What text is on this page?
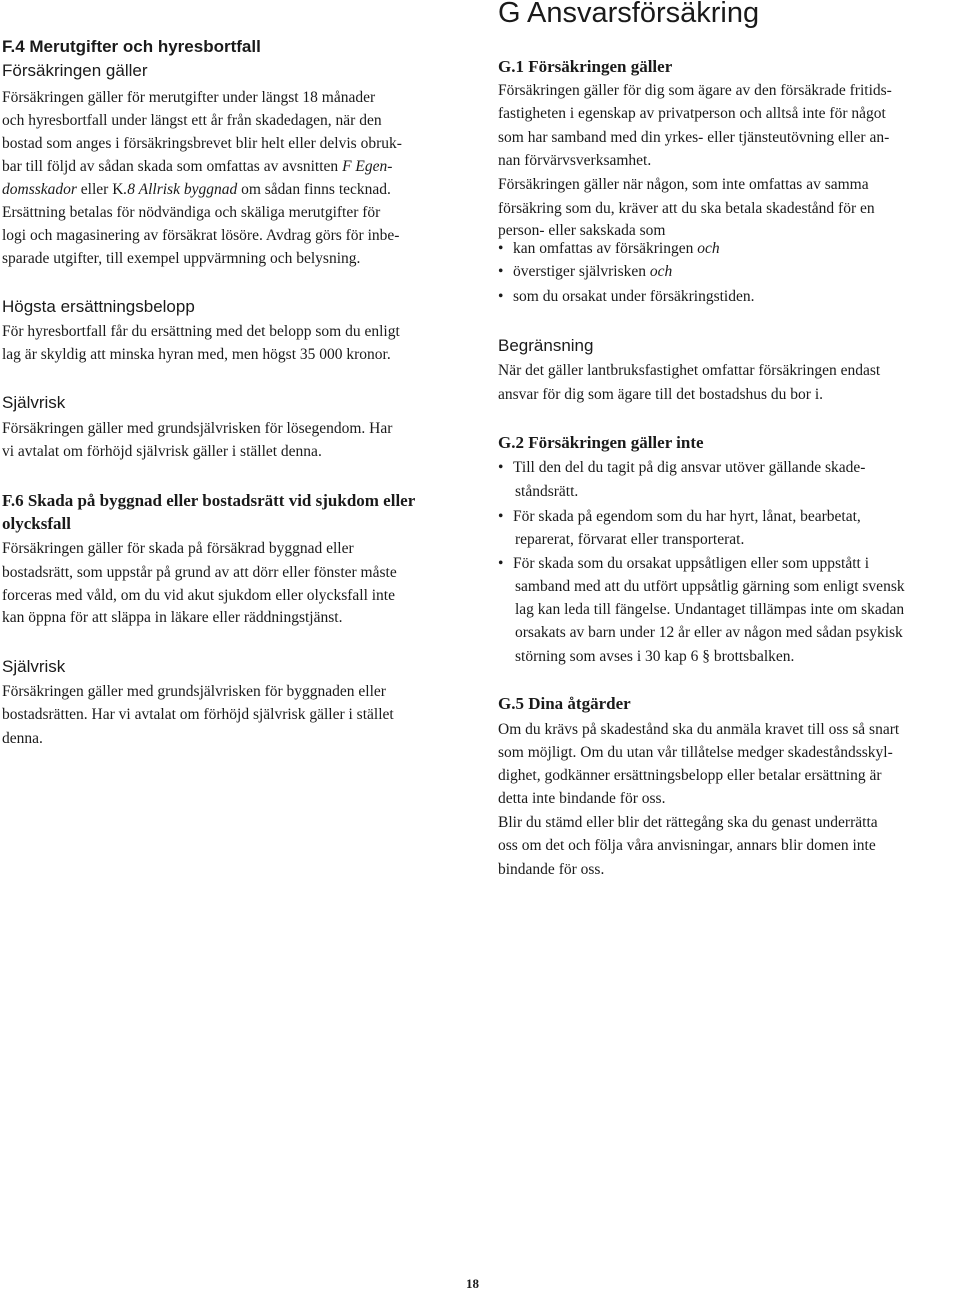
F.4 Merutgifter och hyresbortfall
Försäkringen gäller
Försäkringen gäller för merutgifter under längst 18 månader
och hyresbortfall under längst ett år från skadedagen, när den
bostad som anges i försäkringsbrevet blir helt eller delvis obruk-
bar till följd av sådan skada som omfattas av avsnitten F Egen-
domsskador eller K.8 Allrisk byggnad om sådan finns tecknad.
Ersättning betalas för nödvändiga och skäliga merutgifter för
logi och magasinering av försäkrat lösöre. Avdrag görs för inbe-
sparade utgifter, till exempel uppvärmning och belysning.
Högsta ersättningsbelopp
För hyresbortfall får du ersättning med det belopp som du enligt
lag är skyldig att minska hyran med, men högst 35 000 kronor.
Självrisk
Försäkringen gäller med grundsjälvrisken för lösegendom. Har
vi avtalat om förhöjd självrisk gäller i stället denna.
F.6 Skada på byggnad eller bostadsrätt vid sjukdom eller
olycksfall
Försäkringen gäller för skada på försäkrad byggnad eller
bostadsrätt, som uppstår på grund av att dörr eller fönster måste
forceras med våld, om du vid akut sjukdom eller olycksfall inte
kan öppna för att släppa in läkare eller räddningstjänst.
Självrisk
Försäkringen gäller med grundsjälvrisken för byggnaden eller
bostadsrätten. Har vi avtalat om förhöjd självrisk gäller i stället
denna.
G Ansvarsförsäkring
G.1 Försäkringen gäller
Försäkringen gäller för dig som ägare av den försäkrade fritids-
fastigheten i egenskap av privatperson och alltså inte för något
som har samband med din yrkes- eller tjänsteutövning eller an-
nan förvärvsverksamhet.
Försäkringen gäller när någon, som inte omfattas av samma
försäkring som du, kräver att du ska betala skadestånd för en
person- eller sakskada som
• kan omfattas av försäkringen och
• överstiger självrisken och
• som du orsakat under försäkringstiden.
Begränsning
När det gäller lantbruksfastighet omfattar försäkringen endast
ansvar för dig som ägare till det bostadshus du bor i.
G.2 Försäkringen gäller inte
• Till den del du tagit på dig ansvar utöver gällande skade-
ståndsrätt.
• För skada på egendom som du har hyrt, lånat, bearbetat,
reparerat, förvarat eller transporterat.
• För skada som du orsakat uppsåtligen eller som uppstått i
samband med att du utfört uppsåtlig gärning som enligt svensk
lag kan leda till fängelse. Undantaget tillämpas inte om skadan
orsakats av barn under 12 år eller av någon med sådan psykisk
störning som avses i 30 kap 6 § brottsbalken.
G.5 Dina åtgärder
Om du krävs på skadestånd ska du anmäla kravet till oss så snart
som möjligt. Om du utan vår tillåtelse medger skadeståndsskyl-
dighet, godkänner ersättningsbelopp eller betalar ersättning är
detta inte bindande för oss.
Blir du stämd eller blir det rättegång ska du genast underrätta
oss om det och följa våra anvisningar, annars blir domen inte
bindande för oss.
18
